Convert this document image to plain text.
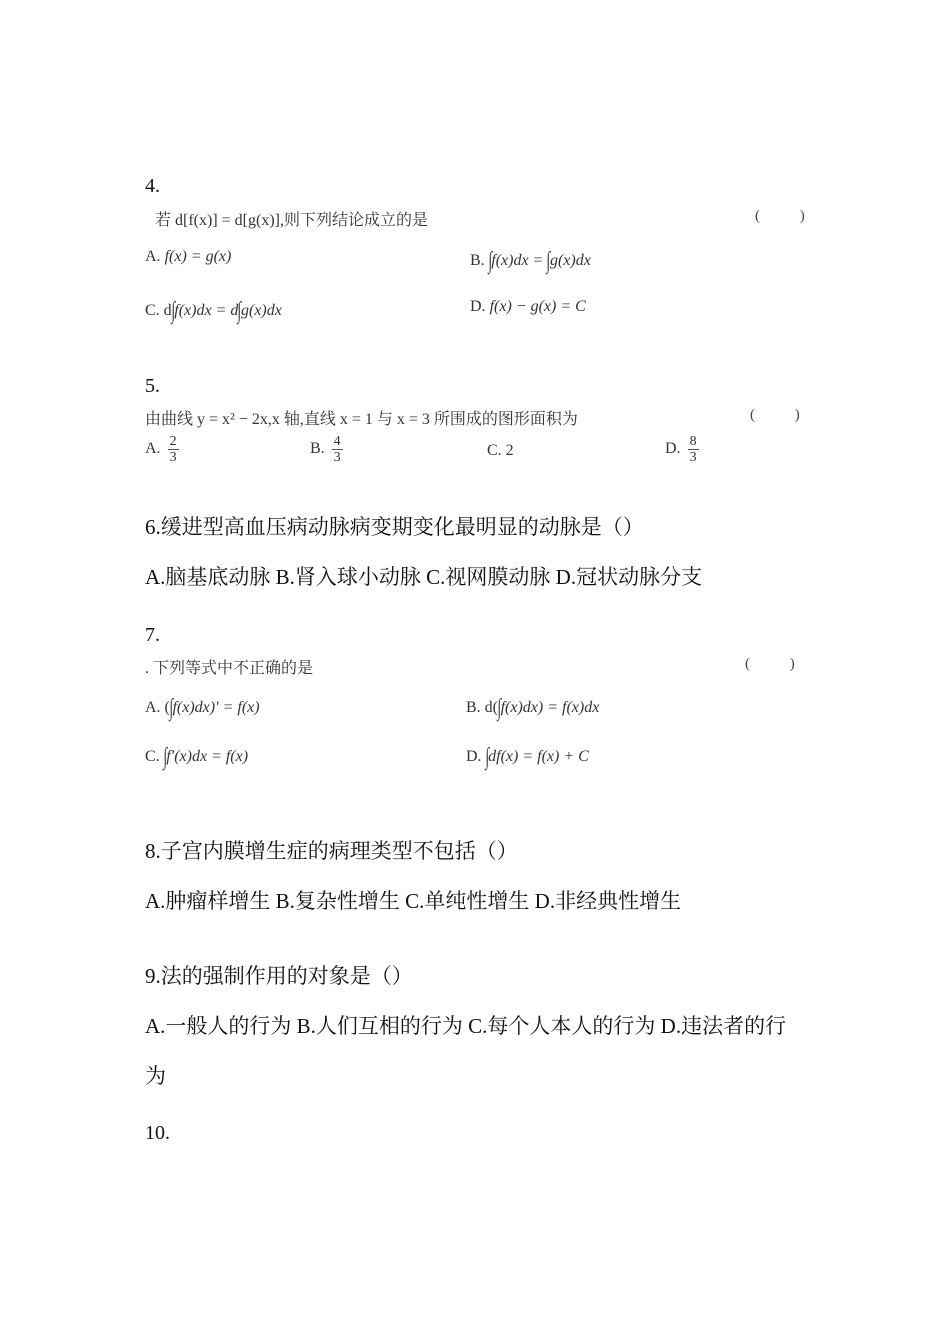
4.
若 d[f(x)] = d[g(x)],则下列结论成立的是	( )
A. f(x) = g(x)	B. ∫f(x)dx = ∫g(x)dx
C. d∫f(x)dx = d∫g(x)dx	D. f(x) − g(x) = C
5.
由曲线 y = x² − 2x,x 轴,直线 x = 1 与 x = 3 所围成的图形面积为	( )
A. $\frac{2}{3}$	B. $\frac{4}{3}$	C. 2	D. $\frac{8}{3}$
6.缓进型高血压病动脉病变期变化最明显的动脉是（）
A.脑基底动脉 B.肾入球小动脉 C.视网膜动脉 D.冠状动脉分支
7.
. 下列等式中不正确的是	( )
A. (∫f(x)dx)′ = f(x)	B. d(∫f(x)dx) = f(x)dx
C. ∫f′(x)dx = f(x)	D. ∫df(x) = f(x) + C
8.子宫内膜增生症的病理类型不包括（）
A.肿瘤样增生 B.复杂性增生 C.单纯性增生 D.非经典性增生
9.法的强制作用的对象是（）
A.一般人的行为 B.人们互相的行为 C.每个人本人的行为 D.违法者的行
为
10.
